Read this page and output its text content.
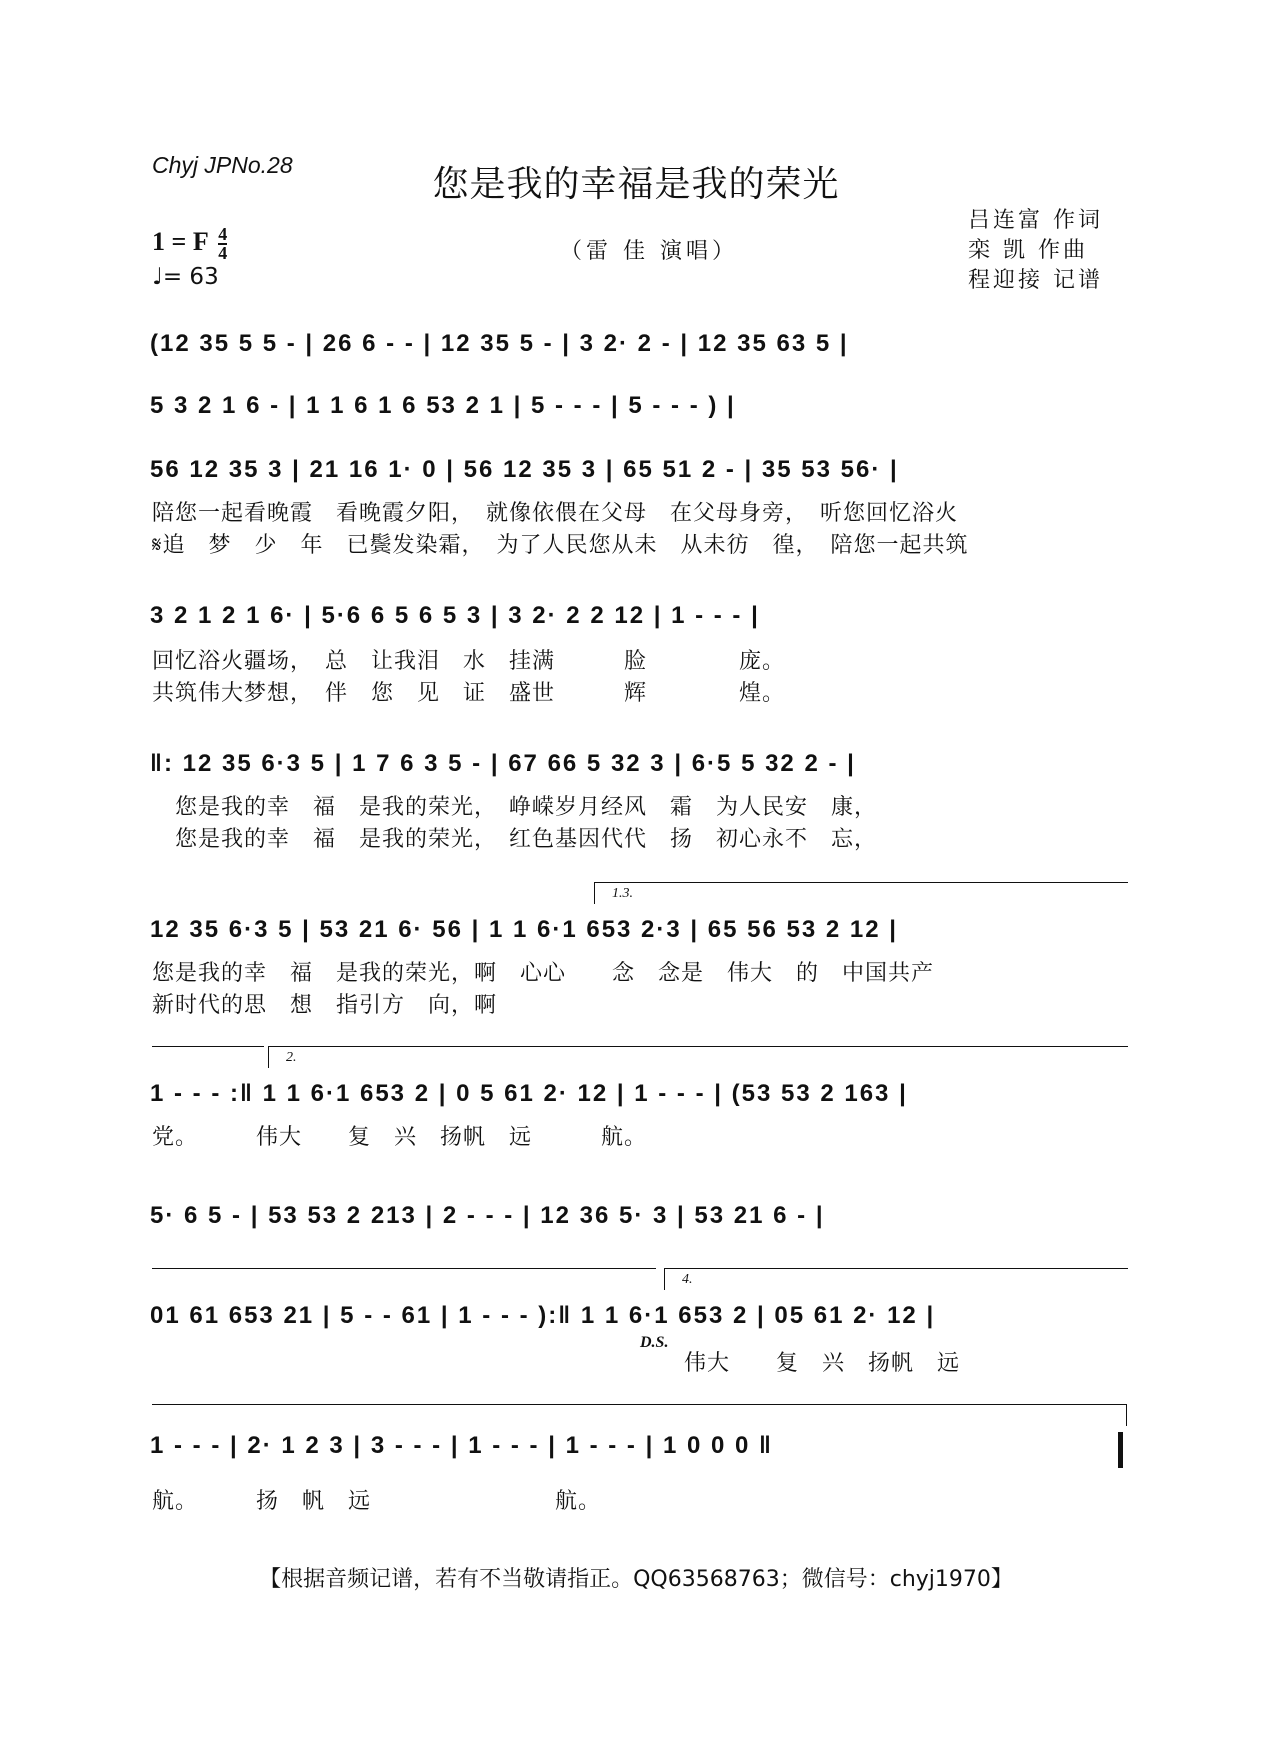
Chyj JPNo.28	您是我的幸福是我的荣光
1 = F $\frac{4}{4}$
♩= 63
（雷 佳 演唱）
吕连富 作词
栾 凯 作曲
程迎接 记谱
(12 35 5 5 - | 26 6 - - | 12 35 5 - | 3 2· 2 - | 12 35 63 5 |
5 3 2 1 6 - | 1 1 6 1 6 53 2 1 | 5 - - - | 5 - - - ) |
56 12 35 3 | 21 16 1· 0 | 56 12 35 3 | 65 51 2 - | 35 53 56· |
陪您一起看晚霞　看晚霞夕阳，　就像依偎在父母　在父母身旁，　听您回忆浴火
𝄋追　梦　少　年　已鬓发染霜，　为了人民您从未　从未彷　徨，　陪您一起共筑
3 2 1 2 1 6· | 5·6 6 5 6 5 3 | 3 2· 2 2 12 | 1 - - - |
回忆浴火疆场，　总　让我泪　水　挂满　　　脸　　　　庞。
共筑伟大梦想，　伴　您　见　证　盛世　　　辉　　　　煌。
‖: 12 35 6·3 5 | 1 7 6 3 5 - | 67 66 5 32 3 | 6·5 5 32 2 - |
　您是我的幸　福　是我的荣光，　峥嵘岁月经风　霜　为人民安　康，
　您是我的幸　福　是我的荣光，　红色基因代代　扬　初心永不　忘，
1.3.
12 35 6·3 5 | 53 21 6· 56 | 1 1 6·1 653 2·3 | 65 56 53 2 12 |
您是我的幸　福　是我的荣光，啊　心心　　念　念是　伟大　的　中国共产
新时代的思　想　指引方　向，啊
2.
1 - - - :‖ 1 1 6·1 653 2 | 0 5 61 2· 12 | 1 - - - | (53 53 2 163 |
党。　　　伟大　　复　兴　扬帆　远　　　航。
5· 6 5 - | 53 53 2 213 | 2 - - - | 12 36 5· 3 | 53 21 6 - |
4.
01 61 653 21 | 5 - - 61 | 1 - - - ):‖ 1 1 6·1 653 2 | 05 61 2· 12 |
D.S.
伟大　　复　兴　扬帆　远
1 - - - | 2· 1 2 3 | 3 - - - | 1 - - - | 1 - - - | 1 0 0 0 ‖
航。　　　扬　帆　远　　　　　　　　航。
【根据音频记谱，若有不当敬请指正。QQ63568763；微信号：chyj1970】
